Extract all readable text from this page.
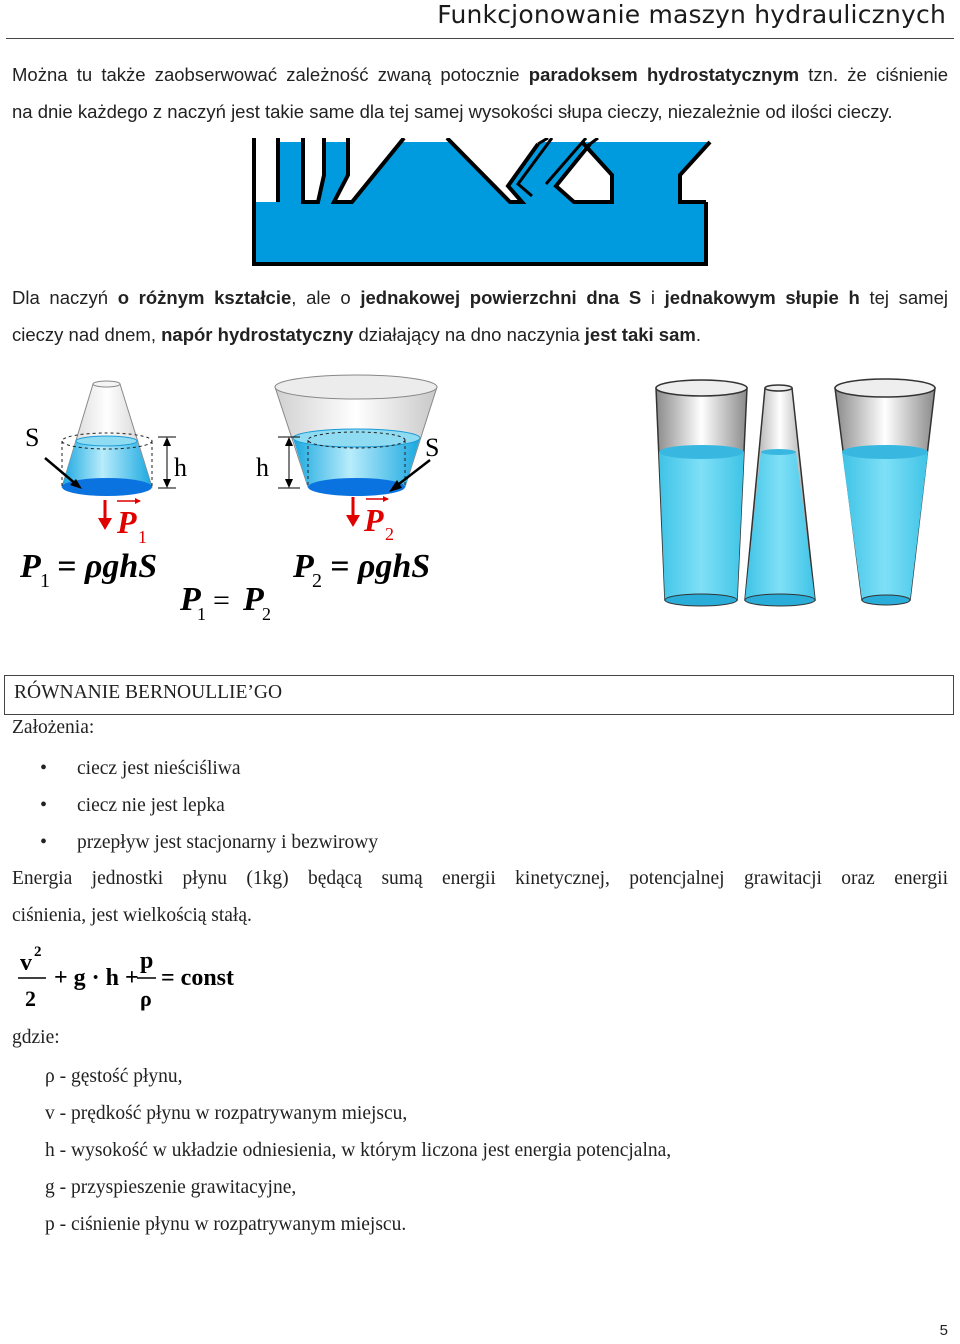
Funkcjonowanie maszyn hydraulicznych
Można tu także zaobserwować zależność zwaną potocznie paradoksem hydrostatycznym tzn. że ciśnienie
na dnie każdego z naczyń jest takie same dla tej samej wysokości słupa cieczy, niezależnie od ilości cieczy.
Dla naczyń o różnym kształcie, ale o jednakowej powierzchni dna S i jednakowym słupie h tej samej
cieczy nad dnem, napór hydrostatyczny działający na dno naczynia jest taki sam.
S
h
P 1
h
S
P 2
P 1 = ρghS	P
2 = ρghS
P
1 = P
2
RÓWNANIE BERNOULLIE’GO
Założenia:
• ciecz jest nieściśliwa
• ciecz nie jest lepka
• przepływ jest stacjonarny i bezwirowy
Energia jednostki płynu (1kg) będącą sumą energii kinetycznej, potencjalnej grawitacji oraz energii
ciśnienia, jest wielkością stałą.
v 2
2
+ g · h +
p
ρ
= const
gdzie:
ρ - gęstość płynu,
v - prędkość płynu w rozpatrywanym miejscu,
h - wysokość w układzie odniesienia, w którym liczona jest energia potencjalna,
g - przyspieszenie grawitacyjne,
p - ciśnienie płynu w rozpatrywanym miejscu.
5
